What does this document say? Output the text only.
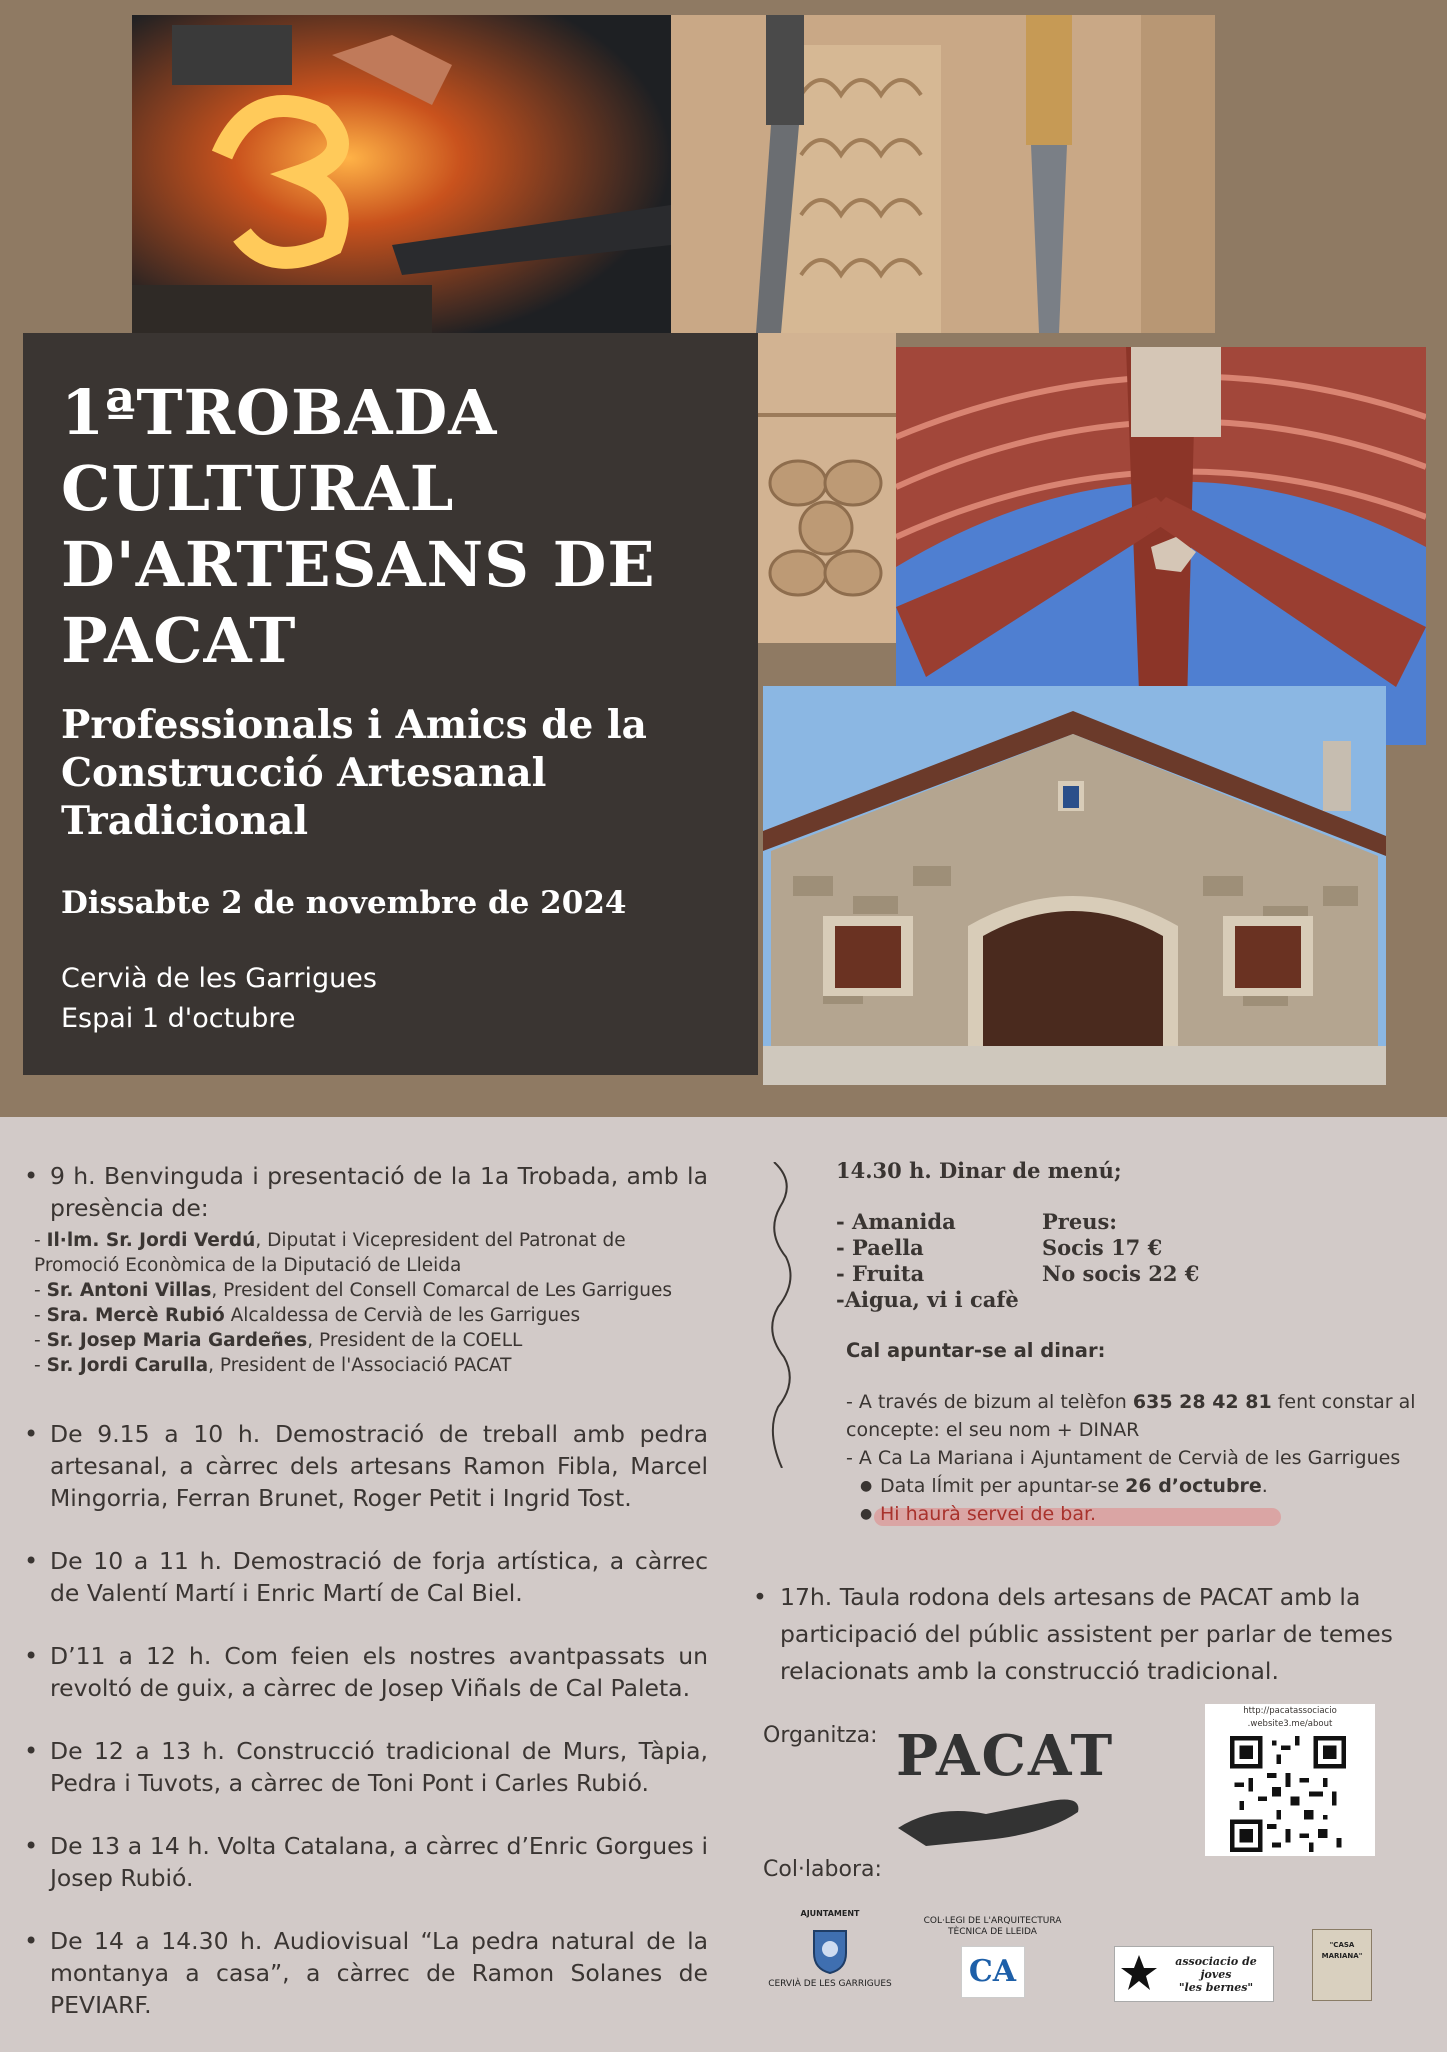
1ªTROBADA CULTURAL D'ARTESANS DE PACAT
Professionals i Amics de la Construcció Artesanal Tradicional
Dissabte 2 de novembre de 2024
Cervià de les Garrigues
Espai 1 d'octubre
• 9 h. Benvinguda i presentació de la 1a Trobada, amb la presència de:
- Il·lm. Sr. Jordi Verdú, Diputat i Vicepresident del Patronat de Promoció Econòmica de la Diputació de Lleida
- Sr. Antoni Villas, President del Consell Comarcal de Les Garrigues
- Sra. Mercè Rubió Alcaldessa de Cervià de les Garrigues
- Sr. Josep Maria Gardeñes, President de la COELL
- Sr. Jordi Carulla, President de l'Associació PACAT
• De 9.15 a 10 h. Demostració de treball amb pedra artesanal, a càrrec dels artesans Ramon Fibla, Marcel Mingorria, Ferran Brunet, Roger Petit i Ingrid Tost.
• De 10 a 11 h. Demostració de forja artística, a càrrec de Valentí Martí i Enric Martí de Cal Biel.
• D’11 a 12 h. Com feien els nostres avantpassats un revoltó de guix, a càrrec de Josep Viñals de Cal Paleta.
• De 12 a 13 h. Construcció tradicional de Murs, Tàpia, Pedra i Tuvots, a càrrec de Toni Pont i Carles Rubió.
• De 13 a 14 h. Volta Catalana, a càrrec d’Enric Gorgues i Josep Rubió.
• De 14 a 14.30 h. Audiovisual “La pedra natural de la montanya a casa”, a càrrec de Ramon Solanes de PEVIARF.
14.30 h. Dinar de menú;
- Amanida
- Paella
- Fruita
-Aigua, vi i cafè
Preus:
Socis 17 €
No socis 22 €
Cal apuntar-se al dinar:
- A través de bizum al telèfon 635 28 42 81 fent constar al concepte: el seu nom + DINAR
- A Ca La Mariana i Ajuntament de Cervià de les Garrigues
● Data lÍmit per apuntar-se 26 d’octubre.
● Hi haurà servei de bar.
• 17h. Taula rodona dels artesans de PACAT amb la participació del públic assistent per parlar de temes relacionats amb la construcció tradicional.
Organitza: PACAT
http://pacatassociacio
.website3.me/about
Col·labora:
AJUNTAMENT
CERVIÀ DE LES GARRIGUES
COL·LEGI DE L'ARQUITECTURA
TÈCNICA DE LLEIDA
CA	associacio de
joves
"les bernes"
"CASA MARIANA"
